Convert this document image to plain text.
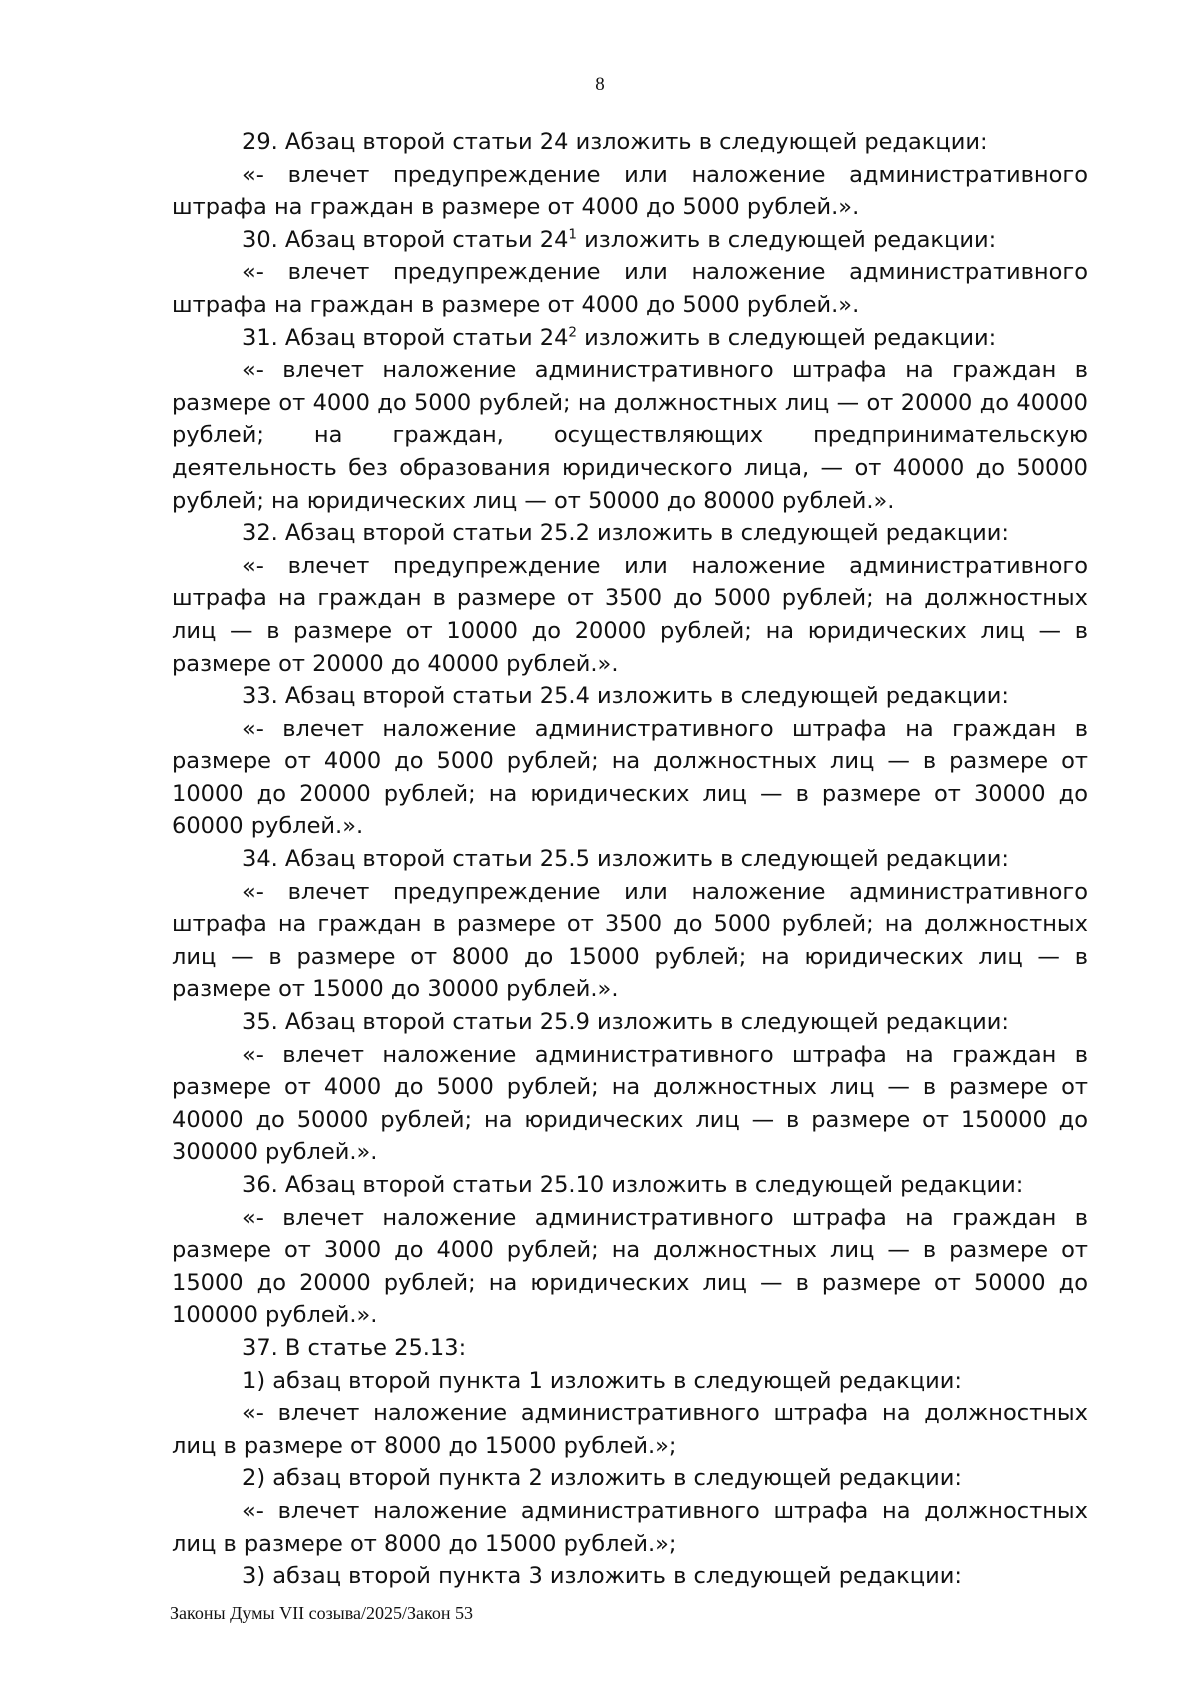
8

29. Абзац второй статьи 24 изложить в следующей редакции:

«- влечет предупреждение или наложение административного штрафа на граждан в размере от 4000 до 5000 рублей.».

30. Абзац второй статьи $24^1$ изложить в следующей редакции:

«- влечет предупреждение или наложение административного штрафа на граждан в размере от 4000 до 5000 рублей.».

31. Абзац второй статьи $24^2$ изложить в следующей редакции:

«- влечет наложение административного штрафа на граждан в размере от 4000 до 5000 рублей; на должностных лиц — от 20000 до 40000 рублей; на граждан, осуществляющих предпринимательскую деятельность без образования юридического лица, — от 40000 до 50000 рублей; на юридических лиц — от 50000 до 80000 рублей.».

32. Абзац второй статьи 25.2 изложить в следующей редакции:

«- влечет предупреждение или наложение административного штрафа на граждан в размере от 3500 до 5000 рублей; на должностных лиц — в размере от 10000 до 20000 рублей; на юридических лиц — в размере от 20000 до 40000 рублей.».

33. Абзац второй статьи 25.4 изложить в следующей редакции:

«- влечет наложение административного штрафа на граждан в размере от 4000 до 5000 рублей; на должностных лиц — в размере от 10000 до 20000 рублей; на юридических лиц — в размере от 30000 до 60000 рублей.».

34. Абзац второй статьи 25.5 изложить в следующей редакции:

«- влечет предупреждение или наложение административного штрафа на граждан в размере от 3500 до 5000 рублей; на должностных лиц — в размере от 8000 до 15000 рублей; на юридических лиц — в размере от 15000 до 30000 рублей.».

35. Абзац второй статьи 25.9 изложить в следующей редакции:

«- влечет наложение административного штрафа на граждан в размере от 4000 до 5000 рублей; на должностных лиц — в размере от 40000 до 50000 рублей; на юридических лиц — в размере от 150000 до 300000 рублей.».

36. Абзац второй статьи 25.10 изложить в следующей редакции:

«- влечет наложение административного штрафа на граждан в размере от 3000 до 4000 рублей; на должностных лиц — в размере от 15000 до 20000 рублей; на юридических лиц — в размере от 50000 до 100000 рублей.».

37. В статье 25.13:

1) абзац второй пункта 1 изложить в следующей редакции:

«- влечет наложение административного штрафа на должностных лиц в размере от 8000 до 15000 рублей.»;

2) абзац второй пункта 2 изложить в следующей редакции:

«- влечет наложение административного штрафа на должностных лиц в размере от 8000 до 15000 рублей.»;

3) абзац второй пункта 3 изложить в следующей редакции:

Законы Думы VII созыва/2025/Закон 53
